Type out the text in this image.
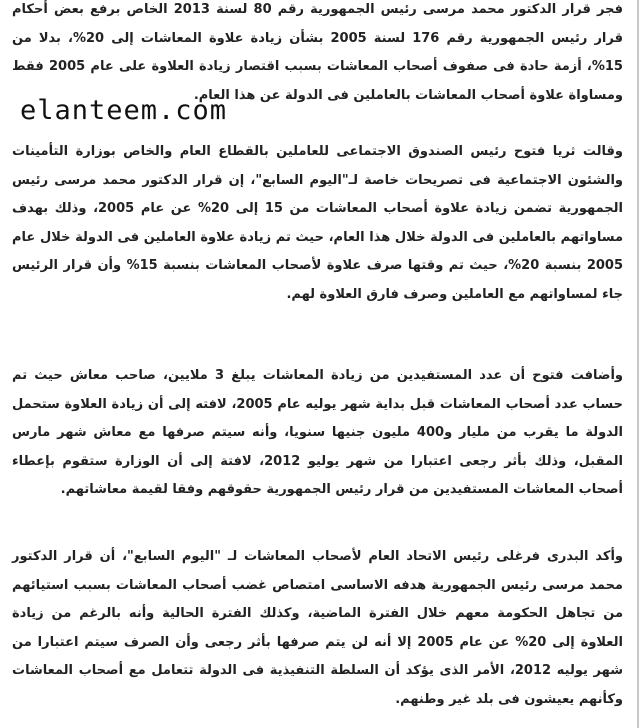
فجر قرار الدكتور محمد مرسى رئيس الجمهورية رقم 80 لسنة 2013 الخاص برفع بعض أحكام قرار رئيس الجمهورية رقم 176 لسنة 2005 بشأن زيادة علاوة المعاشات إلى 20%، بدلا من 15%، أزمة حادة فى صفوف أصحاب المعاشات بسبب اقتصار زيادة العلاوة على عام 2005 فقط ومساواة علاوة أصحاب المعاشات بالعاملين فى الدولة عن هذا العام.

وقالت ثريا فتوح رئيس الصندوق الاجتماعى للعاملين بالقطاع العام والخاص بوزارة التأمينات والشئون الاجتماعية فى تصريحات خاصة لـ"اليوم السابع"، إن قرار الدكتور محمد مرسى رئيس الجمهورية تضمن زيادة علاوة أصحاب المعاشات من 15 إلى 20% عن عام 2005، وذلك بهدف مساواتهم بالعاملين فى الدولة خلال هذا العام، حيث تم زيادة علاوة العاملين فى الدولة خلال عام 2005 بنسبة 20%، حيث تم وقتها صرف علاوة لأصحاب المعاشات بنسبة 15% وأن قرار الرئيس جاء لمساواتهم مع العاملين وصرف فارق العلاوة لهم.

وأضافت فتوح أن عدد المستفيدين من زيادة المعاشات يبلغ 3 ملايين، صاحب معاش حيث تم حساب عدد أصحاب المعاشات قبل بداية شهر يوليه عام 2005، لافته إلى أن زيادة العلاوة ستحمل الدولة ما يقرب من مليار و400 مليون جنيها سنويا، وأنه سيتم صرفها مع معاش شهر مارس المقبل، وذلك بأثر رجعى اعتبارا من شهر يوليو 2012، لافتة إلى أن الوزارة ستقوم بإعطاء أصحاب المعاشات المستفيدين من قرار رئيس الجمهورية حقوقهم وفقا لقيمة معاشاتهم.

وأكد البدرى فرغلى رئيس الاتحاد العام لأصحاب المعاشات لـ "اليوم السابع"، أن قرار الدكتور محمد مرسى رئيس الجمهورية هدفه الاساسى امتصاص غضب أصحاب المعاشات بسبب استيائهم من تجاهل الحكومة معهم خلال الفترة الماضية، وكذلك الفترة الحالية وأنه بالرغم من زيادة العلاوة إلى 20% عن عام 2005 إلا أنه لن يتم صرفها بأثر رجعى وأن الصرف سيتم اعتبارا من شهر يوليه 2012، الأمر الذى يؤكد أن السلطة التنفيذية فى الدولة تتعامل مع أصحاب المعاشات وكأنهم يعيشون فى بلد غير وطنهم.

elanteem.com
